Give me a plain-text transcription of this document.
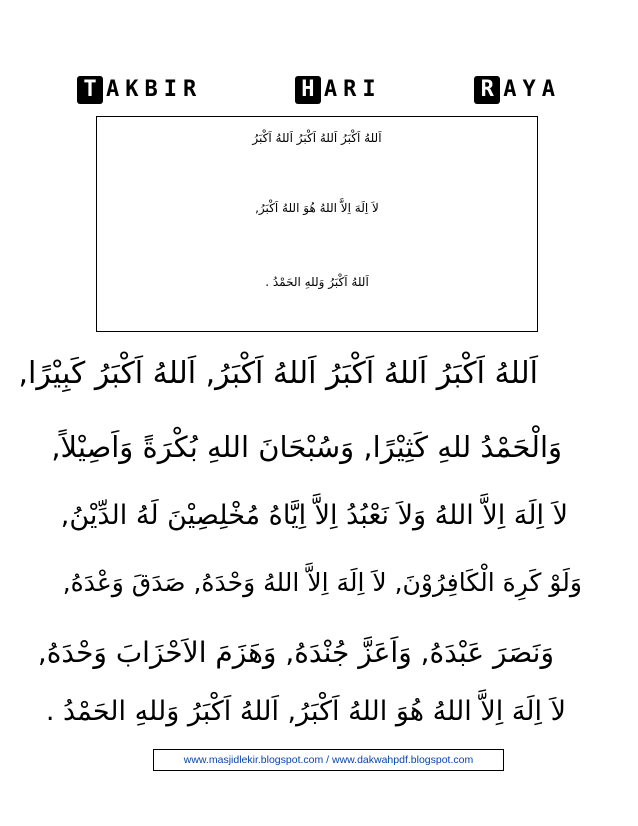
T AKBIR	H ARI	R AYA
اَللهُ اَكْبَرُ اَللهُ اَكْبَرُ اَللهُ اَكْبَرُ
لاَ اِلَهَ اِلاَّ اللهُ هُوَ اللهُ اَكْبَرُ,
اَللهُ اَكْبَرُ وَللهِ الحَمْدُ .
اَللهُ اَكْبَرُ اَللهُ اَكْبَرُ اَللهُ اَكْبَرُ, اَللهُ اَكْبَرُ كَبِيْرًا,
وَالْحَمْدُ للهِ كَثِيْرًا, وَسُبْحَانَ اللهِ بُكْرَةً وَاَصِيْلاً,
لاَ اِلَهَ اِلاَّ اللهُ وَلاَ نَعْبُدُ اِلاَّ اِيَّاهُ مُخْلِصِيْنَ لَهُ الدِّيْنُ,
وَلَوْ كَرِهَ الْكَافِرُوْنَ, لاَ اِلَهَ اِلاَّ اللهُ وَحْدَهُ, صَدَقَ وَعْدَهُ,
وَنَصَرَ عَبْدَهُ, وَاَعَزَّ جُنْدَهُ, وَهَزَمَ الاَحْزَابَ وَحْدَهُ,
لاَ اِلَهَ اِلاَّ اللهُ هُوَ اللهُ اَكْبَرُ, اَللهُ اَكْبَرُ وَللهِ الحَمْدُ .
www.masjidlekir.blogspot.com / www.dakwahpdf.blogspot.com
